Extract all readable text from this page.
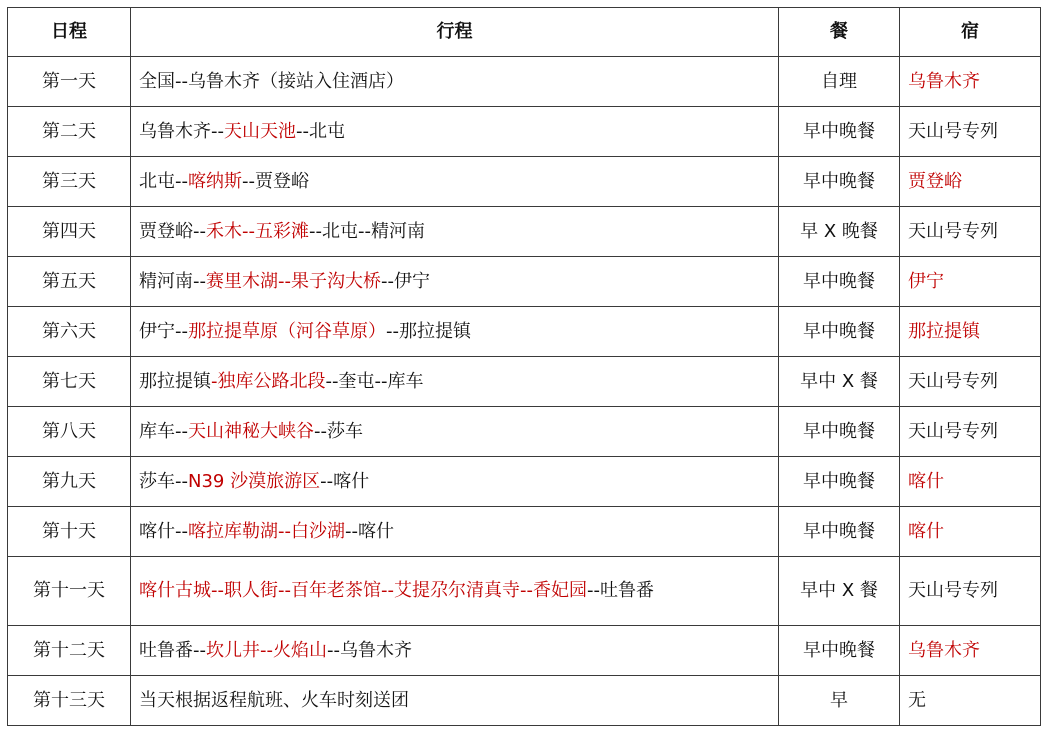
日程	行程	餐	宿
第一天	全国--乌鲁木齐（接站入住酒店）	自理	乌鲁木齐
第二天	乌鲁木齐--天山天池--北屯	早中晚餐	天山号专列
第三天	北屯--喀纳斯--贾登峪	早中晚餐	贾登峪
第四天	贾登峪--禾木--五彩滩--北屯--精河南	早 X 晚餐	天山号专列
第五天	精河南--赛里木湖--果子沟大桥--伊宁	早中晚餐	伊宁
第六天	伊宁--那拉提草原（河谷草原）--那拉提镇	早中晚餐	那拉提镇
第七天	那拉提镇-独库公路北段--奎屯--库车	早中 X 餐	天山号专列
第八天	库车--天山神秘大峡谷--莎车	早中晚餐	天山号专列
第九天	莎车--N39 沙漠旅游区--喀什	早中晚餐	喀什
第十天	喀什--喀拉库勒湖--白沙湖--喀什	早中晚餐	喀什
第十一天	喀什古城--职人街--百年老茶馆--艾提尕尔清真寺--香妃园--吐鲁番	早中 X 餐	天山号专列
第十二天	吐鲁番--坎儿井--火焰山--乌鲁木齐	早中晚餐	乌鲁木齐
第十三天	当天根据返程航班、火车时刻送团	早	无
